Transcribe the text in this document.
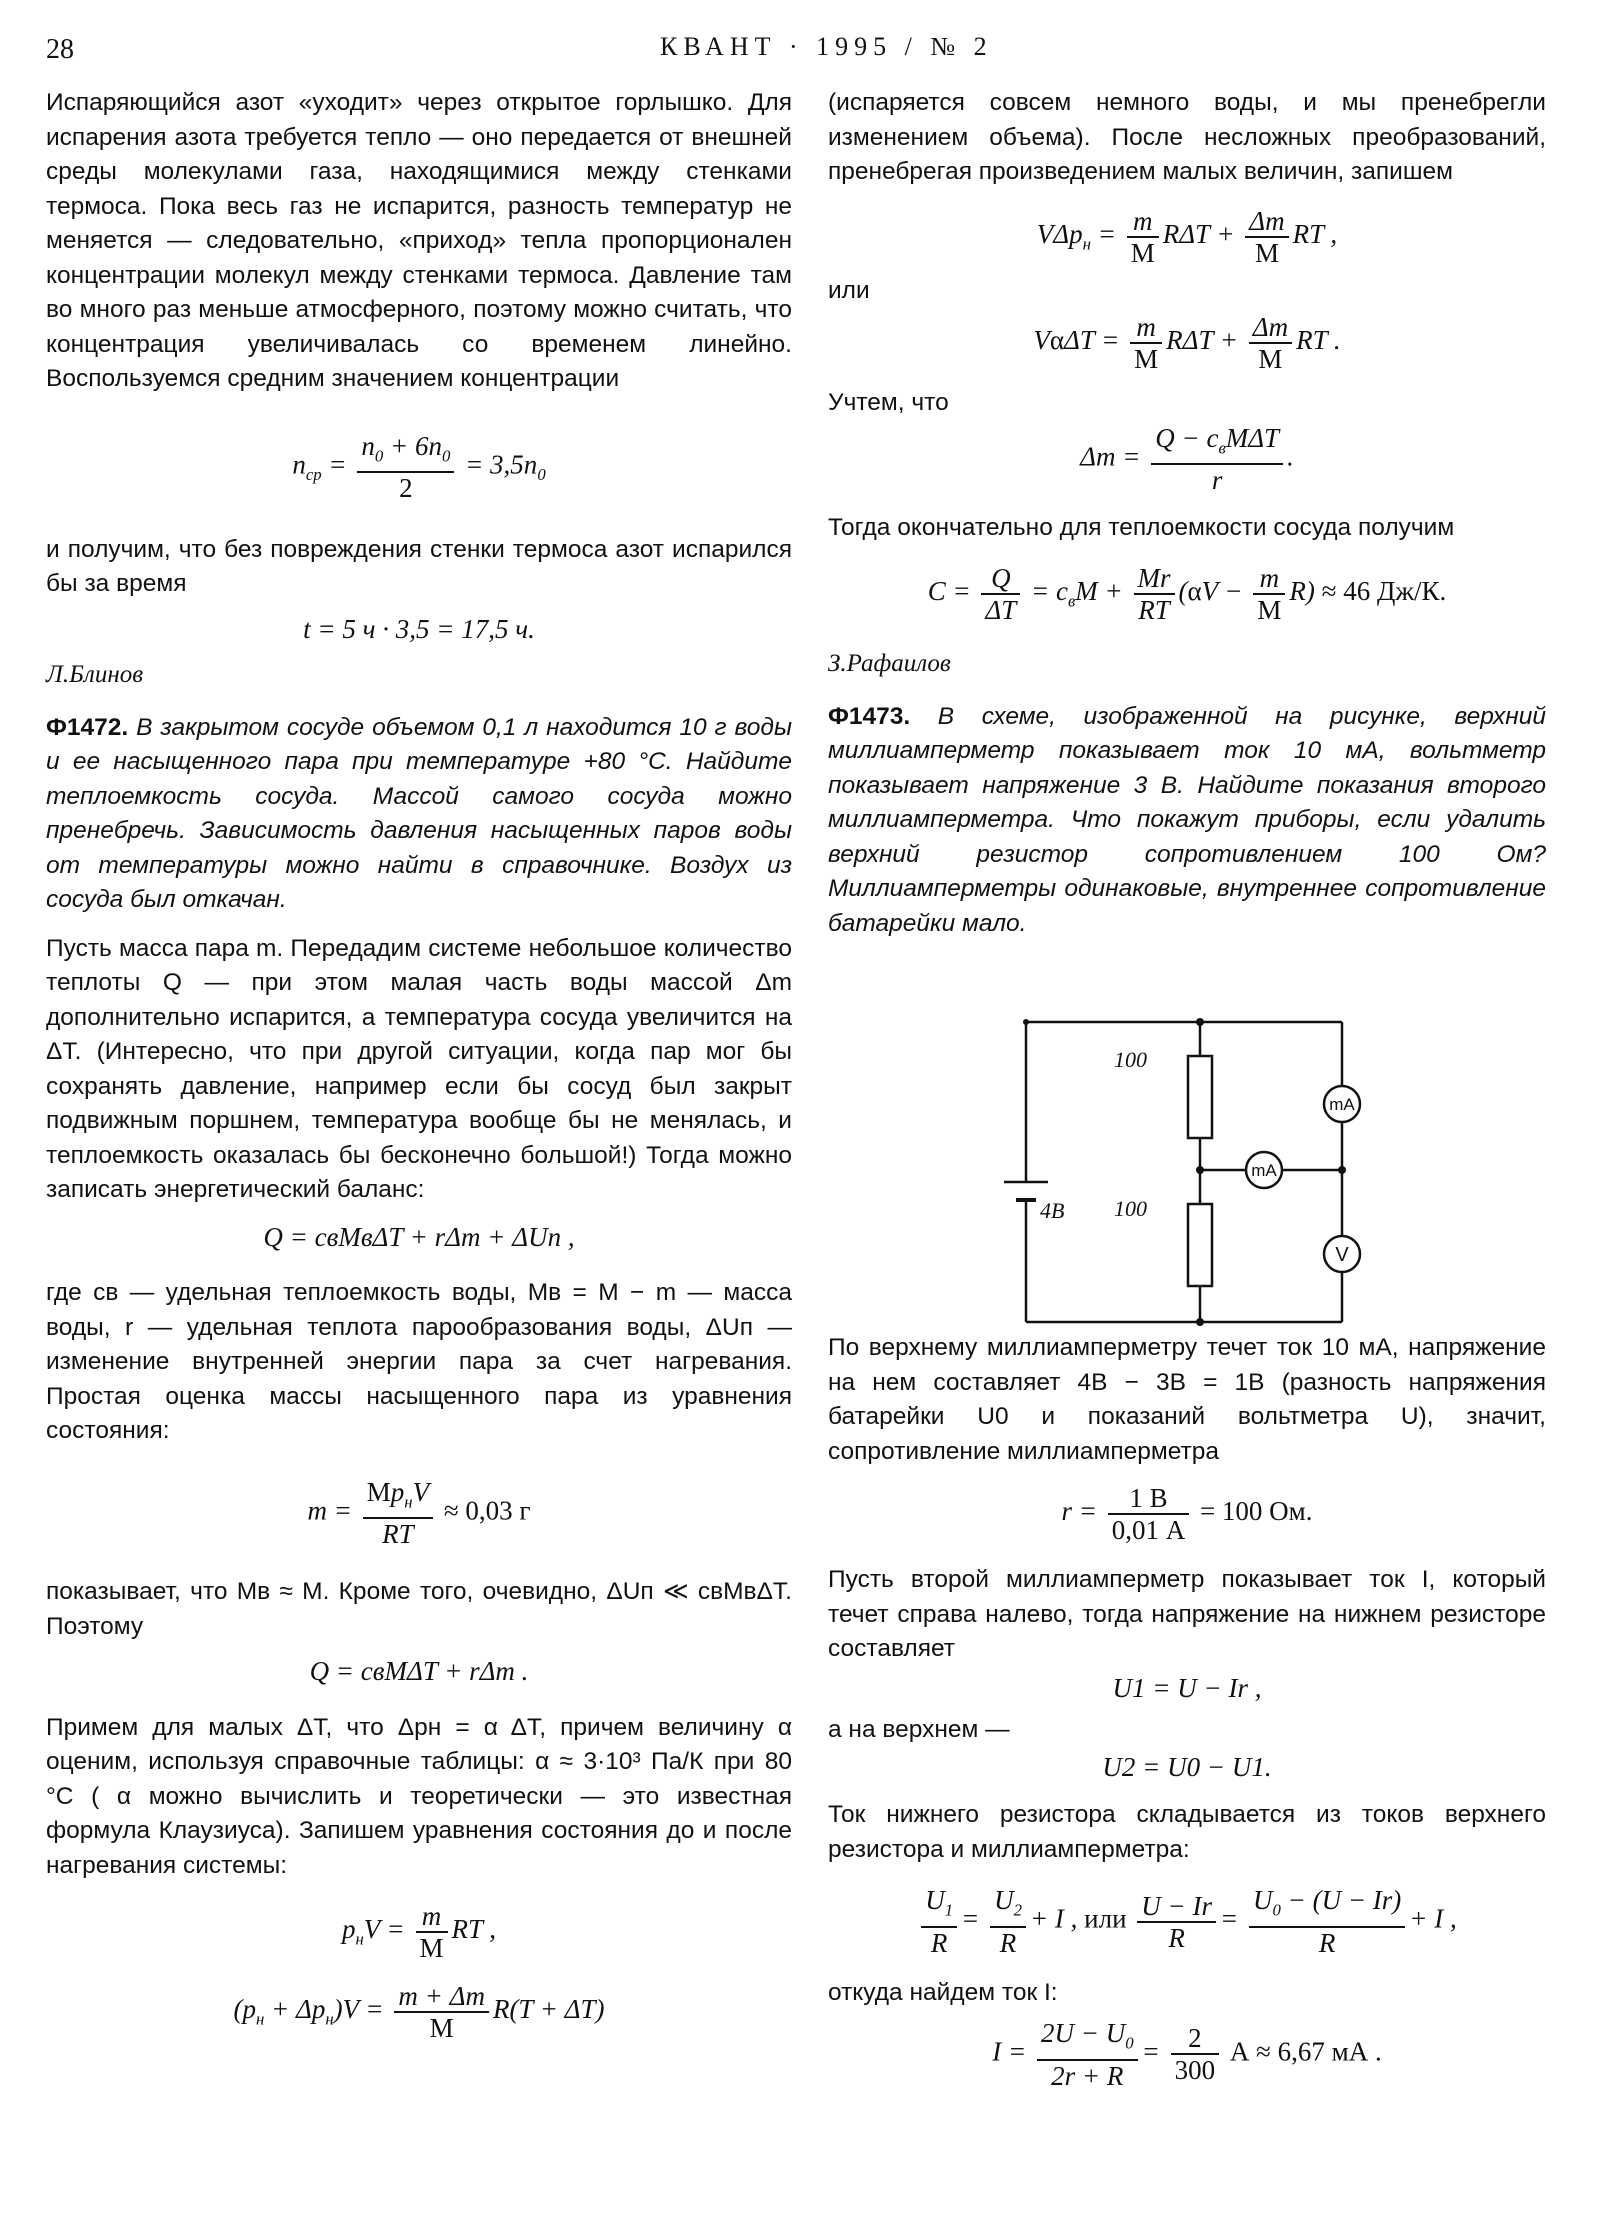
28	КВАНТ · 1995 / № 2

Испаряющийся азот «уходит» через открытое горлышко. Для испарения азота требуется тепло — оно передается от внешней среды молекулами газа, находящимися между стенками термоса. Пока весь газ не испарится, разность температур не меняется — следовательно, «приход» тепла пропорционален концентрации молекул между стенками термоса. Давление там во много раз меньше атмосферного, поэтому можно считать, что концентрация увеличивалась со временем линейно. Воспользуемся средним значением концентрации

$n_{ср} = \frac{n_0 + 6n_0}{2} = 3,5n_0$

и получим, что без повреждения стенки термоса азот испарился бы за время

t = 5 ч · 3,5 = 17,5 ч.
Л.Блинов

Ф1472. В закрытом сосуде объемом 0,1 л находится 10 г воды и ее насыщенного пара при температуре +80 °C. Найдите теплоемкость сосуда. Массой самого сосуда можно пренебречь. Зависимость давления насыщенных паров воды от температуры можно найти в справочнике. Воздух из сосуда был откачан.

Пусть масса пара m. Передадим системе небольшое количество теплоты Q — при этом малая часть воды массой Δm дополнительно испарится, а температура сосуда увеличится на ΔT. (Интересно, что при другой ситуации, когда пар мог бы сохранять давление, например если бы сосуд был закрыт подвижным поршнем, температура вообще бы не менялась, и теплоемкость оказалась бы бесконечно большой!) Тогда можно записать энергетический баланс:

Q = cвMвΔT + rΔm + ΔUп ,

где cв — удельная теплоемкость воды, Mв = M − m — масса воды, r — удельная теплота парообразования воды, ΔUп — изменение внутренней энергии пара за счет нагревания. Простая оценка массы насыщенного пара из уравнения состояния:

$m = \frac{Mp_нV}{RT} \approx 0,03$ г

показывает, что Mв ≈ M. Кроме того, очевидно, ΔUп ≪ cвMвΔT. Поэтому

Q = cвMΔT + rΔm .

Примем для малых ΔT, что Δpн = α ΔT, причем величину α оценим, используя справочные таблицы: α ≈ 3·10³ Па/К при 80 °C ( α можно вычислить и теоретически — это известная формула Клаузиуса). Запишем уравнения состояния до и после нагревания системы:

$p_нV = \frac{m}{M}$ RT ,
$(p_н + \Delta p_н)V = \frac{m + \Delta m}{M} R(T + \Delta T)$

(испаряется совсем немного воды, и мы пренебрегли изменением объема). После несложных преобразований, пренебрегая произведением малых величин, запишем

$V\Delta p_н = \frac{m}{M}$ $R\Delta T + \frac{\Delta m}{M}$ RT ,

или

$V\alpha\Delta T = \frac{m}{M}$ $R\Delta T + \frac{\Delta m}{M}$ RT .

Учтем, что

$\Delta m = \frac{Q - c_вM\Delta T}{r}$ .

Тогда окончательно для теплоемкости сосуда получим

$C = \frac{Q}{\Delta T} = c_вM + \frac{Mr}{RT} (\alpha V - \frac{m}{M} R) \approx 46$ Дж/К.
З.Рафаилов

Ф1473. В схеме, изображенной на рисунке, верхний миллиамперметр показывает ток 10 мА, вольтметр показывает напряжение 3 В. Найдите показания второго миллиамперметра. Что покажут приборы, если удалить верхний резистор сопротивлением 100 Ом? Миллиамперметры одинаковые, внутреннее сопротивление батарейки мало.

По верхнему миллиамперметру течет ток 10 мА, напряжение на нем составляет 4В − 3В = 1В (разность напряжения батарейки U0 и показаний вольтметра U), значит, сопротивление миллиамперметра

$r = \frac{1 В}{0,01 А} = 100$ Ом.

Пусть второй миллиамперметр показывает ток I, который течет справа налево, тогда напряжение на нижнем резисторе составляет

U1 = U − Ir ,

а на верхнем —

U2 = U0 − U1.

Ток нижнего резистора складывается из токов верхнего резистора и миллиамперметра:

$\frac{U_1}{R} = \frac{U_2}{R} + I$ , или $\frac{U - Ir}{R} = \frac{U_0 - (U - Ir)}{R} + I$ ,

откуда найдем ток I:

$I = \frac{2U - U_0}{2r + R} = \frac{2}{300}$ А ≈ 6,67 мА .
100
100
4B
mA
mA
V
